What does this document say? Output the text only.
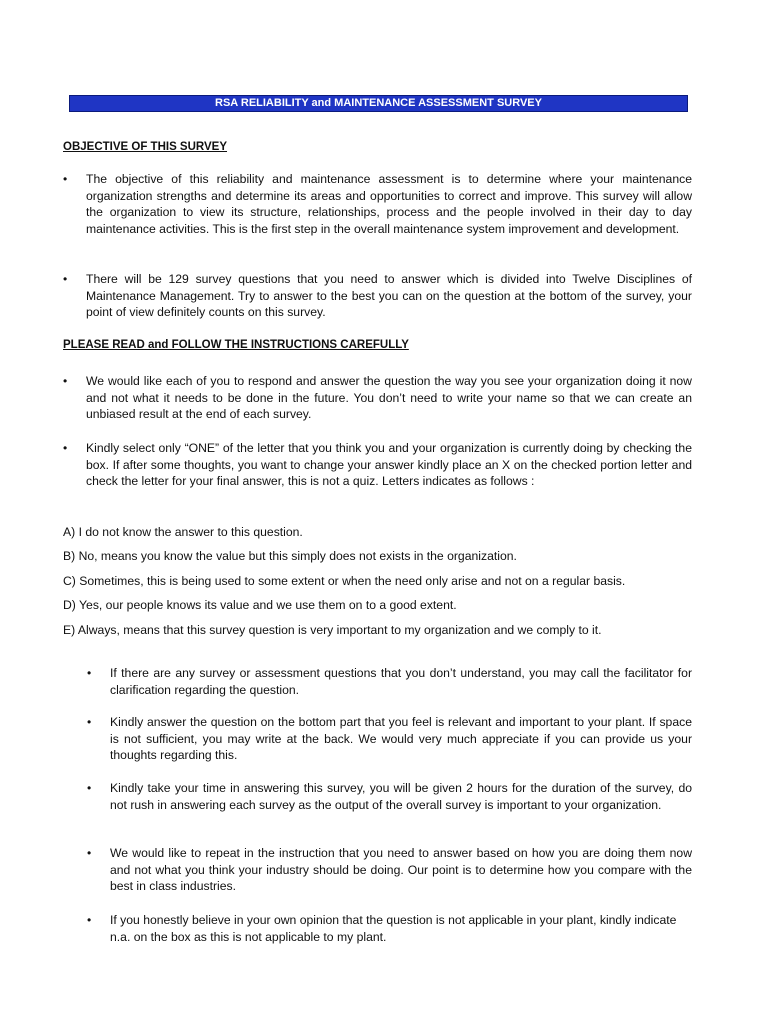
RSA RELIABILITY and MAINTENANCE ASSESSMENT SURVEY
OBJECTIVE OF THIS SURVEY
• The objective of this reliability and maintenance assessment is to determine where your maintenance organization strengths and determine its areas and opportunities to correct and improve. This survey will allow the organization to view its structure, relationships, process and the people involved in their day to day maintenance activities. This is the first step in the overall maintenance system improvement and development.
• There will be 129 survey questions that you need to answer which is divided into Twelve Disciplines of Maintenance Management. Try to answer to the best you can on the question at the bottom of the survey, your point of view definitely counts on this survey.
PLEASE READ and FOLLOW THE INSTRUCTIONS CAREFULLY
• We would like each of you to respond and answer the question the way you see your organization doing it now and not what it needs to be done in the future. You don’t need to write your name so that we can create an unbiased result at the end of each survey.
• Kindly select only “ONE” of the letter that you think you and your organization is currently doing by checking the box. If after some thoughts, you want to change your answer kindly place an X on the checked portion letter and check the letter for your final answer, this is not a quiz. Letters indicates as follows :
A) I do not know the answer to this question.
B) No, means you know the value but this simply does not exists in the organization.
C) Sometimes, this is being used to some extent or when the need only arise and not on a regular basis.
D) Yes, our people knows its value and we use them on to a good extent.
E) Always, means that this survey question is very important to my organization and we comply to it.
• If there are any survey or assessment questions that you don’t understand, you may call the facilitator for clarification regarding the question.
• Kindly answer the question on the bottom part that you feel is relevant and important to your plant. If space is not sufficient, you may write at the back. We would very much appreciate if you can provide us your thoughts regarding this.
• Kindly take your time in answering this survey, you will be given 2 hours for the duration of the survey, do not rush in answering each survey as the output of the overall survey is important to your organization.
• We would like to repeat in the instruction that you need to answer based on how you are doing them now and not what you think your industry should be doing. Our point is to determine how you compare with the best in class industries.
• If you honestly believe in your own opinion that the question is not applicable in your plant, kindly indicate n.a. on the box as this is not applicable to my plant.
